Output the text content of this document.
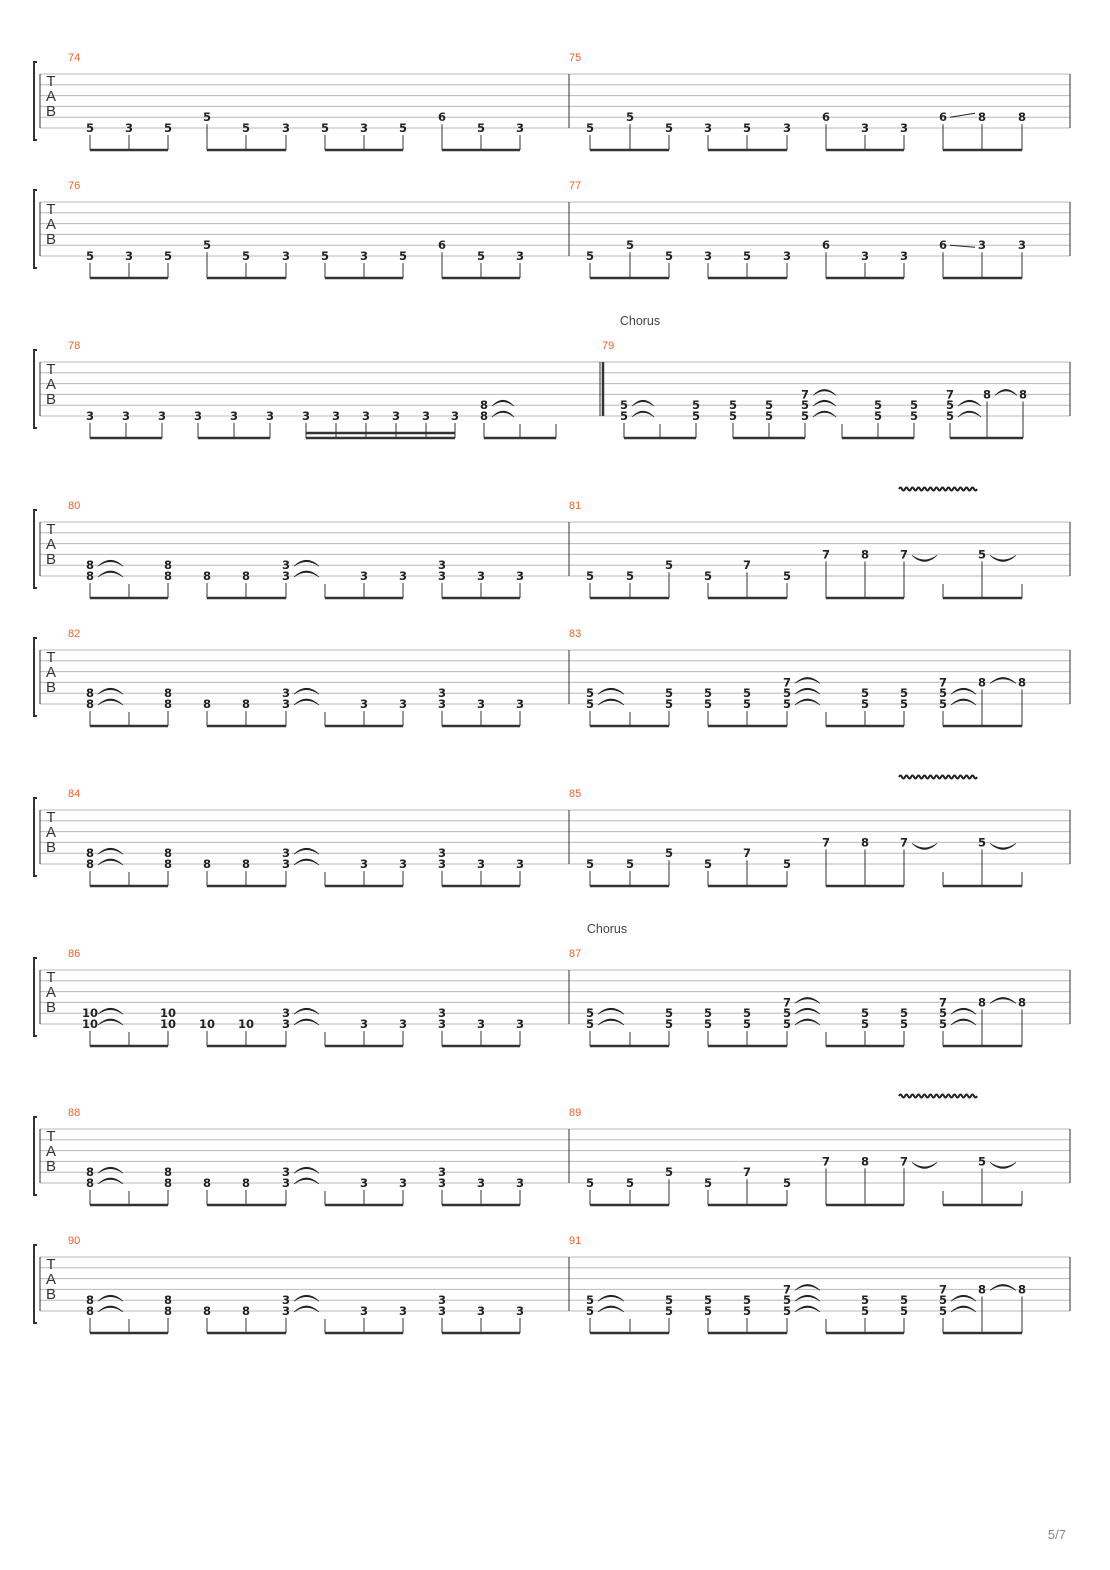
T
A
B
74
5	3	5
5
5	3	5	3	5
6
5	3
75
5
5
5	3	5	3
6
3	3
6	8	8
T
A
B
76
5	3	5
5
5	3	5	3	5
6
5	3
77
5
5
5	3	5	3
6
3	3
6	3	3
T
A
B
Chorus
78
3 3 3 3 3 3 3 3 3 3 3 3
8
8
79
5
5
5
5
5
5
5
5
7
5
5
5
5
5
5
7
5
5
8 8
T
A
B
80
8
8
8
8	8	8
3
3	3	3
3
3	3	3
81
5	5
5
5
7
5
7	8	7	5
T
A
B
82
8
8
8
8	8	8
3
3	3	3
3
3	3	3
83
5
5
5
5
5
5
5
5
7
5
5
5
5
5
5
7
5
5
8	8
T
A
B
84
8
8
8
8	8	8
3
3	3	3
3
3	3	3
85
5	5
5
5
7
5
7	8	7	5
T
A
B
Chorus
86
10
10
10
10 10 10
3
3	3	3
3
3	3	3
87
5
5
5
5
5
5
5
5
7
5
5
5
5
5
5
7
5
5
8	8
T
A
B
88
8
8
8
8	8	8
3
3	3	3
3
3	3	3
89
5	5
5
5
7
5
7	8	7	5
T
A
B
90
8
8
8
8	8	8
3
3	3	3
3
3	3	3
91
5
5
5
5
5
5
5
5
7
5
5
5
5
5
5
7
5
5
8	8
5/7
